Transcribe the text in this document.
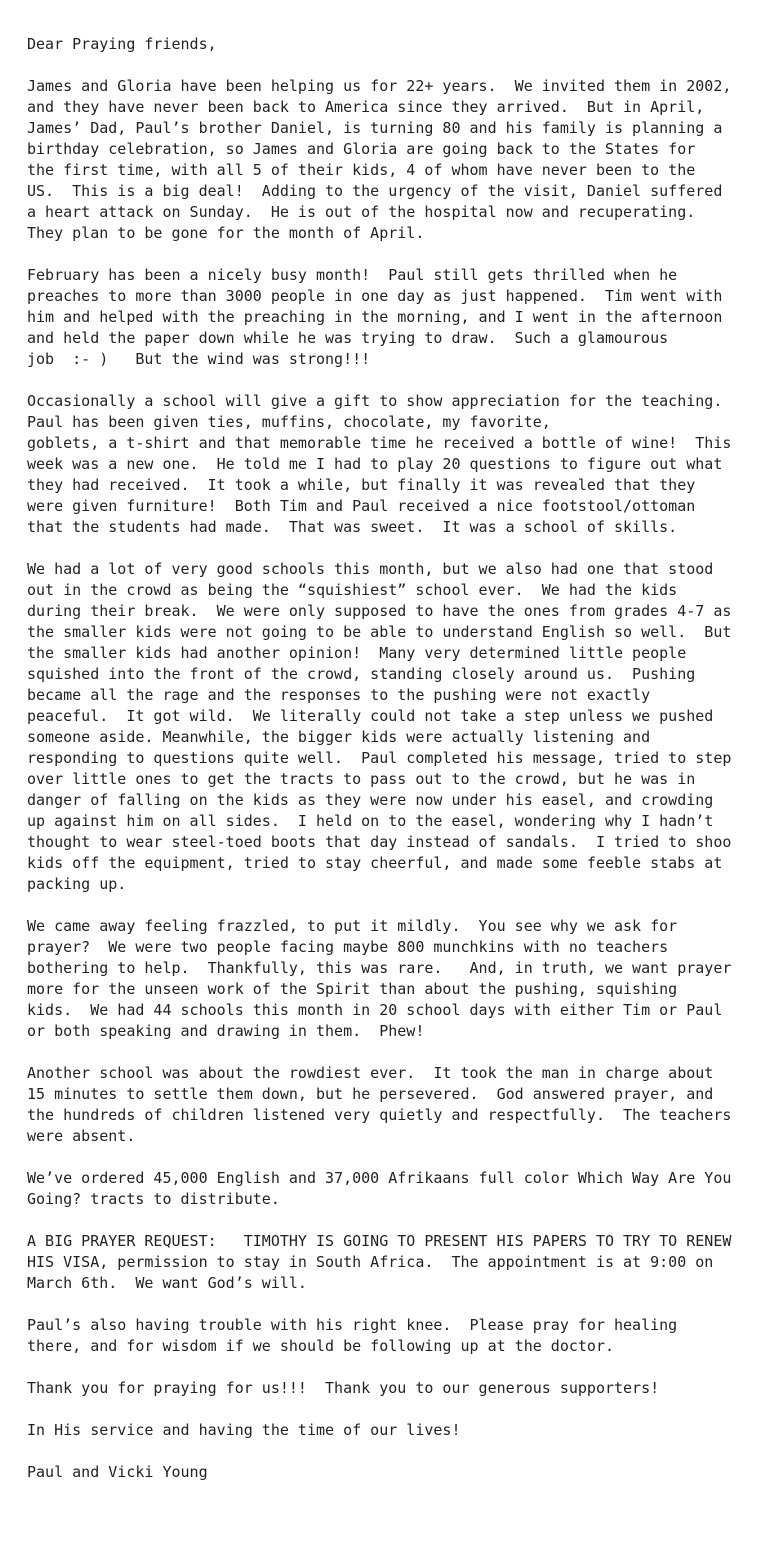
Dear Praying friends,
James and Gloria have been helping us for 22+ years.  We invited them in 2002,
and they have never been back to America since they arrived.  But in April,
James’ Dad, Paul’s brother Daniel, is turning 80 and his family is planning a
birthday celebration, so James and Gloria are going back to the States for
the first time, with all 5 of their kids, 4 of whom have never been to the
US.  This is a big deal!  Adding to the urgency of the visit, Daniel suffered
a heart attack on Sunday.  He is out of the hospital now and recuperating.
They plan to be gone for the month of April.
February has been a nicely busy month!  Paul still gets thrilled when he
preaches to more than 3000 people in one day as just happened.  Tim went with
him and helped with the preaching in the morning, and I went in the afternoon
and held the paper down while he was trying to draw.  Such a glamourous
job  :- )   But the wind was strong!!!
Occasionally a school will give a gift to show appreciation for the teaching.
Paul has been given ties, muffins, chocolate, my favorite,
goblets, a t-shirt and that memorable time he received a bottle of wine!  This
week was a new one.  He told me I had to play 20 questions to figure out what
they had received.  It took a while, but finally it was revealed that they
were given furniture!  Both Tim and Paul received a nice footstool/ottoman
that the students had made.  That was sweet.  It was a school of skills.
We had a lot of very good schools this month, but we also had one that stood
out in the crowd as being the “squishiest” school ever.  We had the kids
during their break.  We were only supposed to have the ones from grades 4-7 as
the smaller kids were not going to be able to understand English so well.  But
the smaller kids had another opinion!  Many very determined little people
squished into the front of the crowd, standing closely around us.  Pushing
became all the rage and the responses to the pushing were not exactly
peaceful.  It got wild.  We literally could not take a step unless we pushed
someone aside. Meanwhile, the bigger kids were actually listening and
responding to questions quite well.  Paul completed his message, tried to step
over little ones to get the tracts to pass out to the crowd, but he was in
danger of falling on the kids as they were now under his easel, and crowding
up against him on all sides.  I held on to the easel, wondering why I hadn’t
thought to wear steel-toed boots that day instead of sandals.  I tried to shoo
kids off the equipment, tried to stay cheerful, and made some feeble stabs at
packing up.
We came away feeling frazzled, to put it mildly.  You see why we ask for
prayer?  We were two people facing maybe 800 munchkins with no teachers
bothering to help.  Thankfully, this was rare.   And, in truth, we want prayer
more for the unseen work of the Spirit than about the pushing, squishing
kids.  We had 44 schools this month in 20 school days with either Tim or Paul
or both speaking and drawing in them.  Phew!
Another school was about the rowdiest ever.  It took the man in charge about
15 minutes to settle them down, but he persevered.  God answered prayer, and
the hundreds of children listened very quietly and respectfully.  The teachers
were absent.
We’ve ordered 45,000 English and 37,000 Afrikaans full color Which Way Are You
Going? tracts to distribute.
A BIG PRAYER REQUEST:   TIMOTHY IS GOING TO PRESENT HIS PAPERS TO TRY TO RENEW
HIS VISA, permission to stay in South Africa.  The appointment is at 9:00 on
March 6th.  We want God’s will.
Paul’s also having trouble with his right knee.  Please pray for healing
there, and for wisdom if we should be following up at the doctor.
Thank you for praying for us!!!  Thank you to our generous supporters!
In His service and having the time of our lives!
Paul and Vicki Young
